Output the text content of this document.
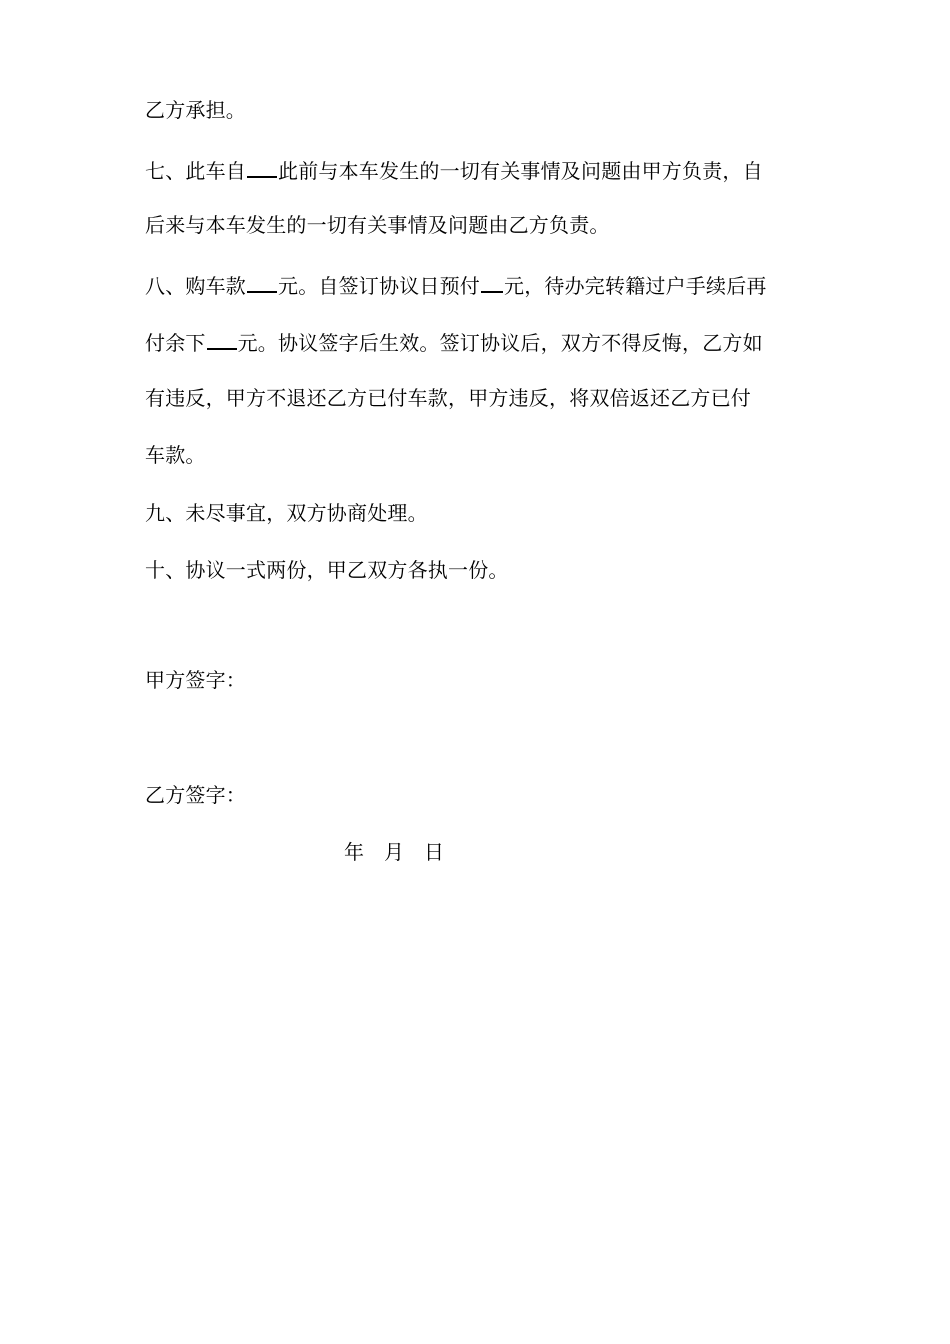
乙方承担。
七、此车自 此前与本车发生的一切有关事情及问题由甲方负责，自
后来与本车发生的一切有关事情及问题由乙方负责。
八、购车款 元。自签订协议日预付 元，待办完转籍过户手续后再
付余下 元。协议签字后生效。签订协议后，双方不得反悔，乙方如
有违反，甲方不退还乙方已付车款，甲方违反，将双倍返还乙方已付
车款。
九、未尽事宜，双方协商处理。
十、协议一式两份，甲乙双方各执一份。
甲方签字：
乙方签字：
年 月 日
